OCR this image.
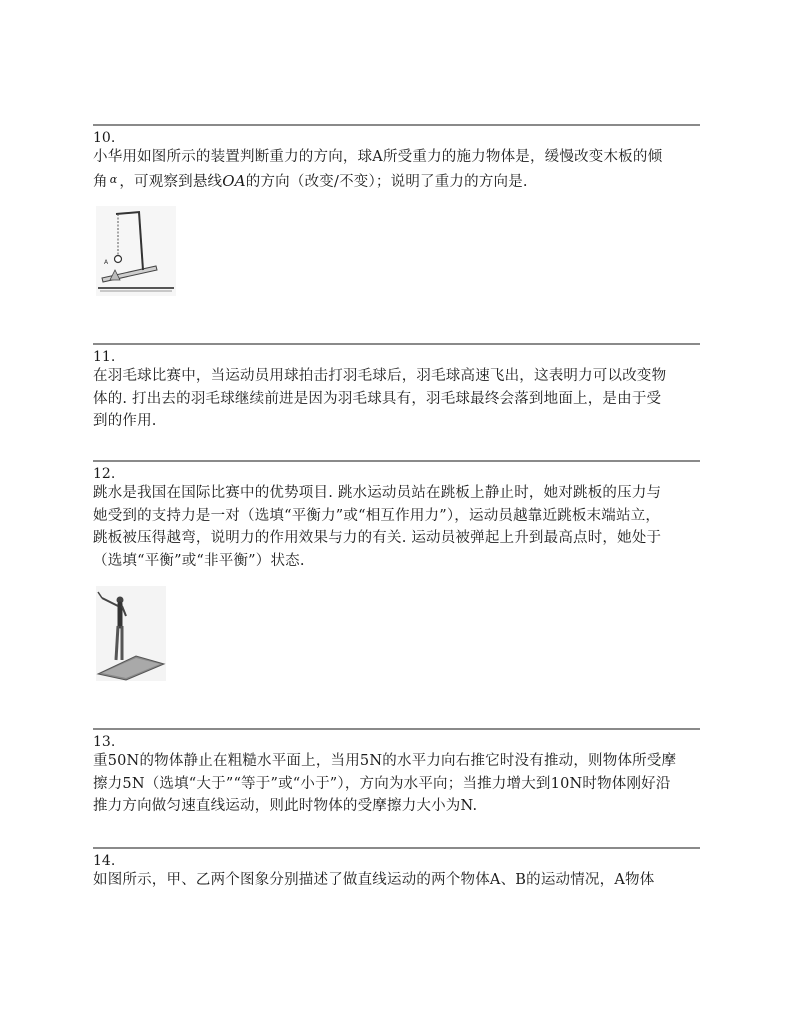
10.

小华用如图所示的装置判断重力的方向，球A所受重力的施力物体是，缓慢改变木板的倾

角 $^\alpha$ ，可观察到悬线OA的方向（改变/不变）；说明了重力的方向是.

A
11.

在羽毛球比赛中，当运动员用球拍击打羽毛球后，羽毛球高速飞出，这表明力可以改变物

体的. 打出去的羽毛球继续前进是因为羽毛球具有，羽毛球最终会落到地面上，是由于受

到的作用.

12.

跳水是我国在国际比赛中的优势项目. 跳水运动员站在跳板上静止时，她对跳板的压力与

她受到的支持力是一对（选填“平衡力”或“相互作用力”），运动员越靠近跳板末端站立，

跳板被压得越弯，说明力的作用效果与力的有关. 运动员被弹起上升到最高点时，她处于

（选填“平衡”或“非平衡”）状态.

13.

重50N的物体静止在粗糙水平面上，当用5N的水平力向右推它时没有推动，则物体所受摩

擦力5N（选填“大于”“等于”或“小于”），方向为水平向；当推力增大到10N时物体刚好沿

推力方向做匀速直线运动，则此时物体的受摩擦力大小为N.

14.

如图所示，甲、乙两个图象分别描述了做直线运动的两个物体A、B的运动情况，A物体
